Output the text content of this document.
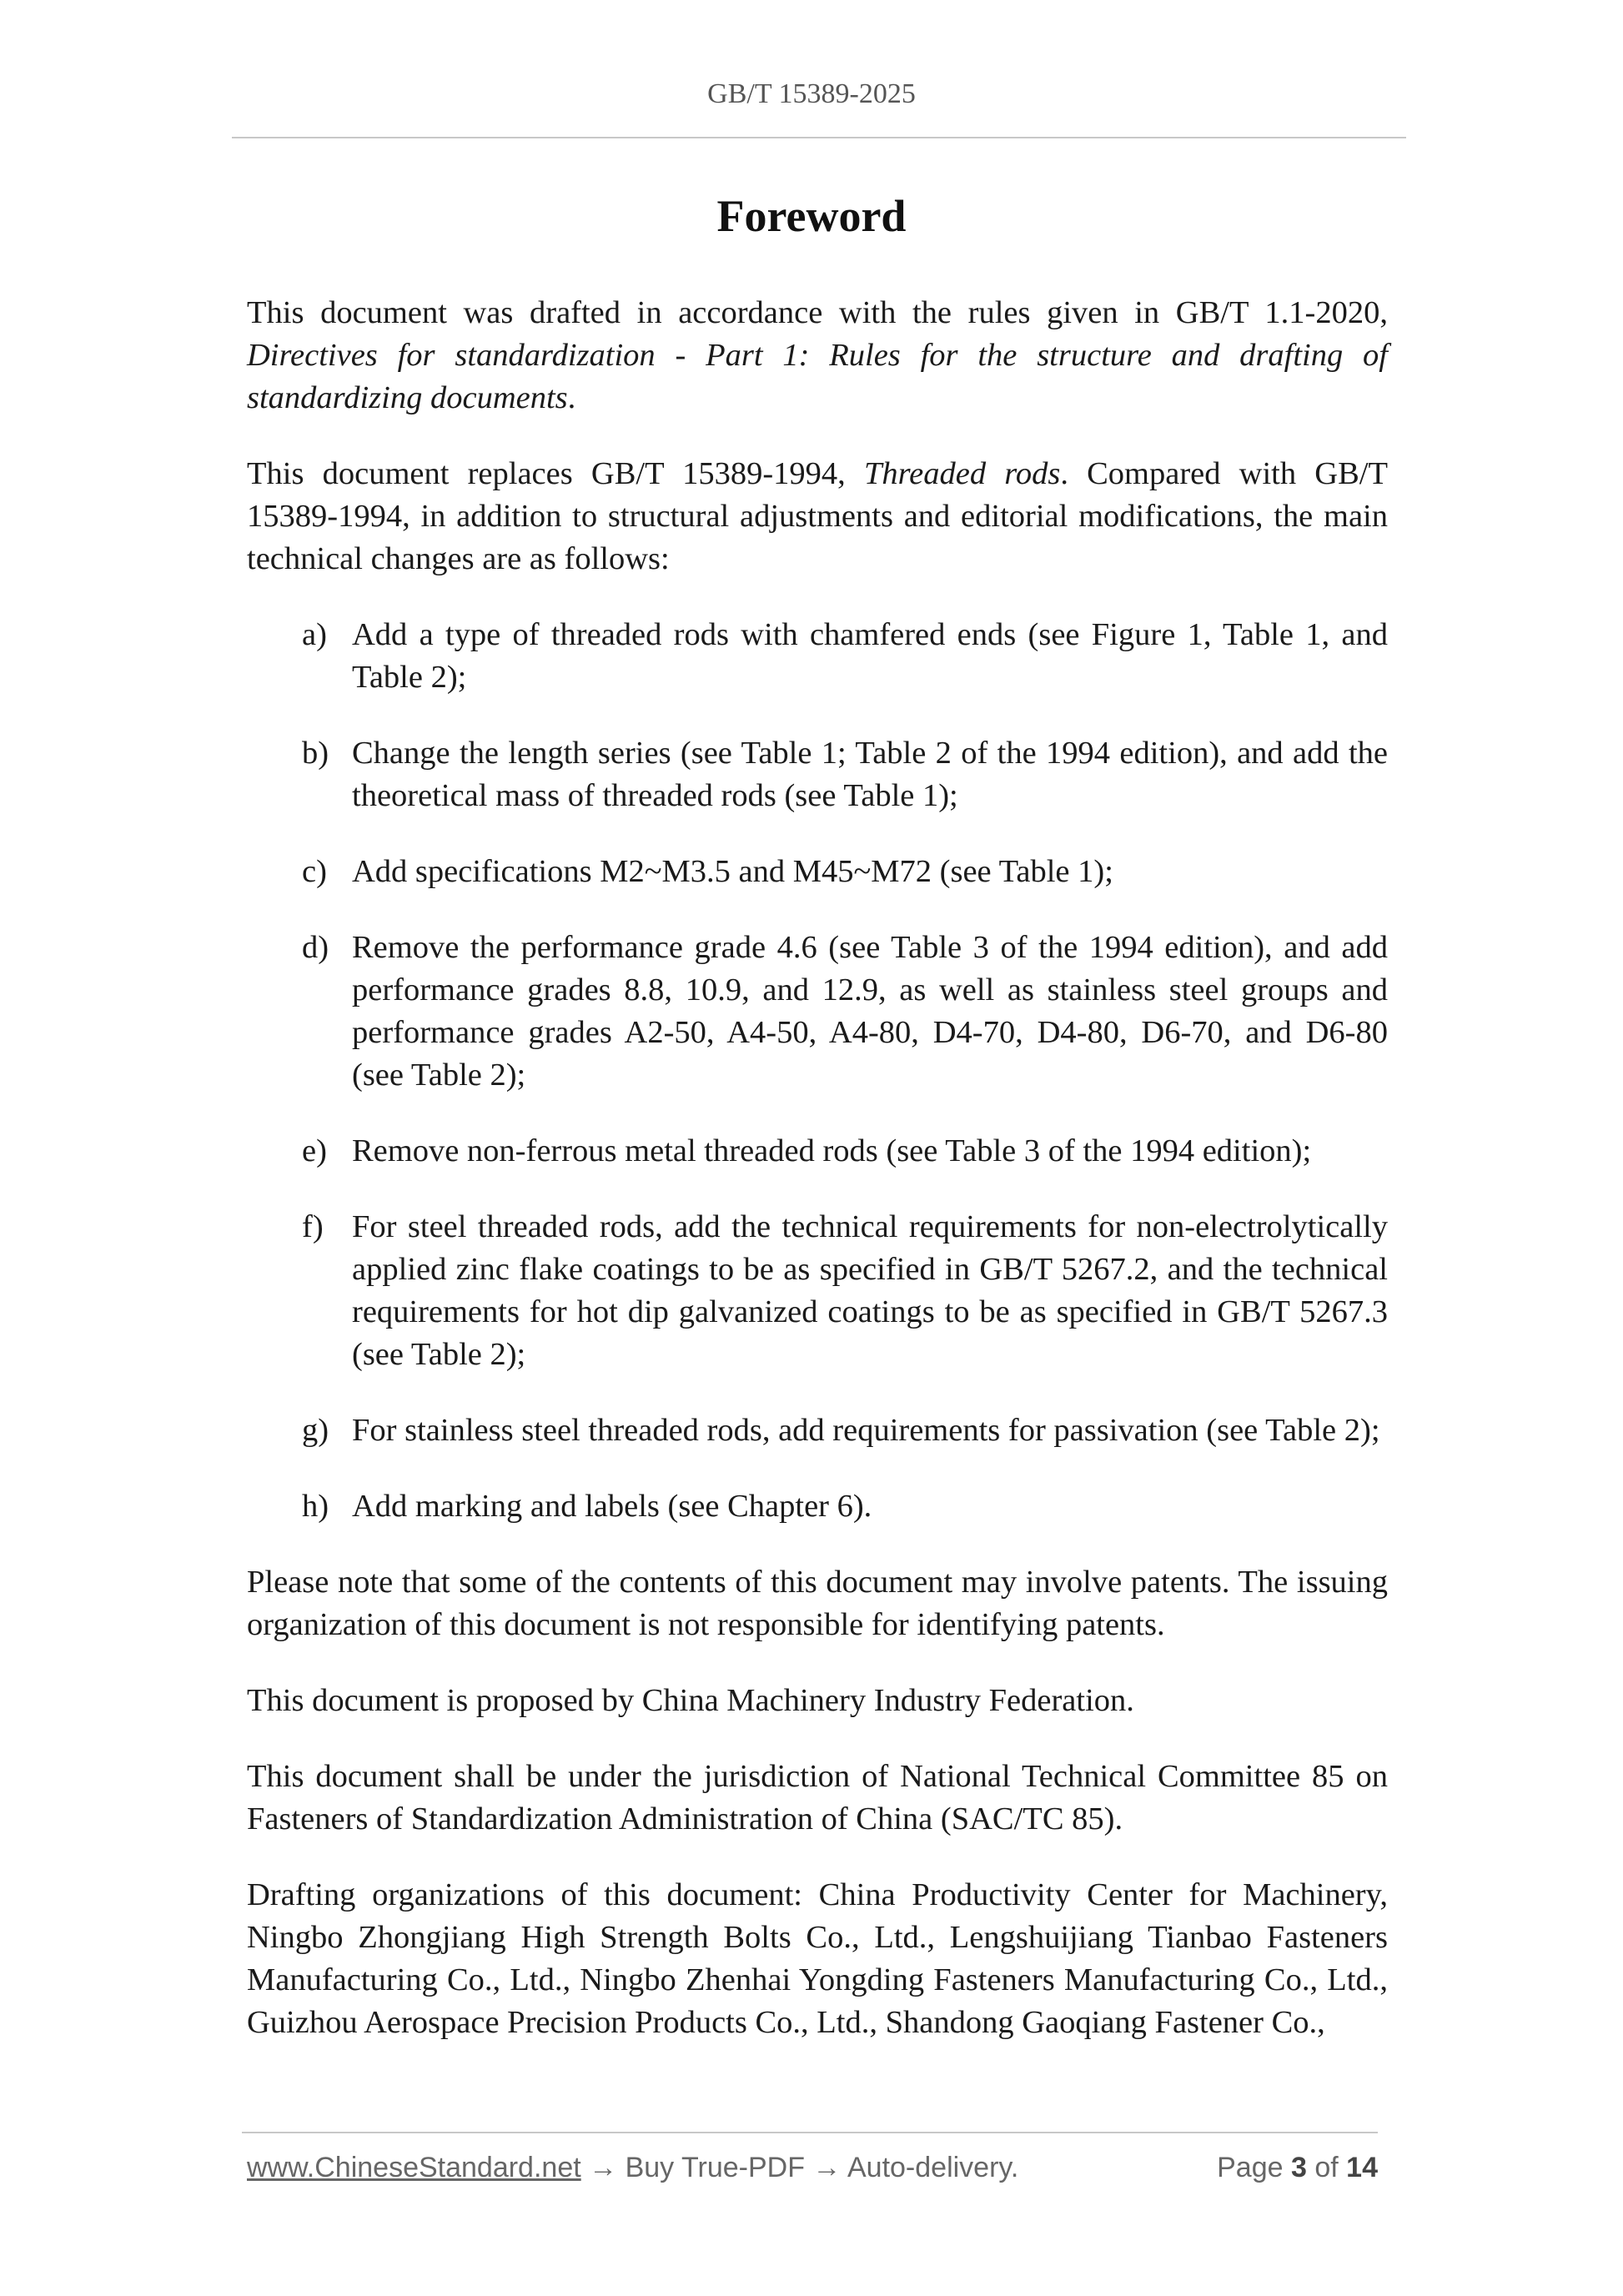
GB/T 15389-2025
Foreword

This document was drafted in accordance with the rules given in GB/T 1.1-2020, Directives for standardization - Part 1: Rules for the structure and drafting of standardizing documents.

This document replaces GB/T 15389-1994, Threaded rods. Compared with GB/T 15389-1994, in addition to structural adjustments and editorial modifications, the main technical changes are as follows:

a) Add a type of threaded rods with chamfered ends (see Figure 1, Table 1, and Table 2);
b) Change the length series (see Table 1; Table 2 of the 1994 edition), and add the theoretical mass of threaded rods (see Table 1);
c) Add specifications M2~M3.5 and M45~M72 (see Table 1);
d) Remove the performance grade 4.6 (see Table 3 of the 1994 edition), and add performance grades 8.8, 10.9, and 12.9, as well as stainless steel groups and performance grades A2-50, A4-50, A4-80, D4-70, D4-80, D6-70, and D6-80 (see Table 2);
e) Remove non-ferrous metal threaded rods (see Table 3 of the 1994 edition);
f) For steel threaded rods, add the technical requirements for non-electrolytically applied zinc flake coatings to be as specified in GB/T 5267.2, and the technical requirements for hot dip galvanized coatings to be as specified in GB/T 5267.3 (see Table 2);
g) For stainless steel threaded rods, add requirements for passivation (see Table 2);
h) Add marking and labels (see Chapter 6).

Please note that some of the contents of this document may involve patents. The issuing organization of this document is not responsible for identifying patents.

This document is proposed by China Machinery Industry Federation.

This document shall be under the jurisdiction of National Technical Committee 85 on Fasteners of Standardization Administration of China (SAC/TC 85).

Drafting organizations of this document: China Productivity Center for Machinery, Ningbo Zhongjiang High Strength Bolts Co., Ltd., Lengshuijiang Tianbao Fasteners Manufacturing Co., Ltd., Ningbo Zhenhai Yongding Fasteners Manufacturing Co., Ltd., Guizhou Aerospace Precision Products Co., Ltd., Shandong Gaoqiang Fastener Co.,

www.ChineseStandard.net → Buy True-PDF → Auto-delivery.	Page 3 of 14
